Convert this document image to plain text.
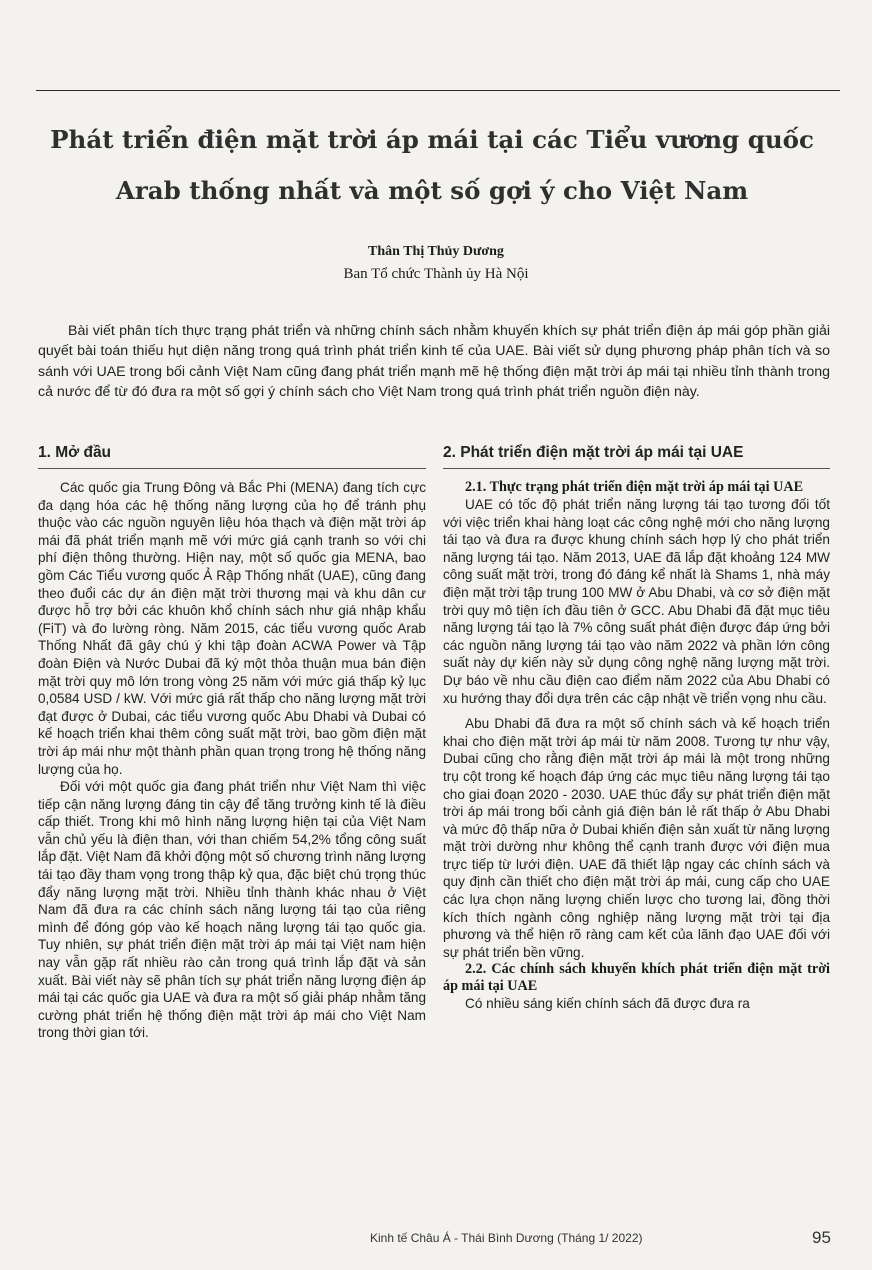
Phát triển điện mặt trời áp mái tại các Tiểu vương quốc
Arab thống nhất và một số gợi ý cho Việt Nam
Thân Thị Thủy Dương
Ban Tổ chức Thành ủy Hà Nội

Bài viết phân tích thực trạng phát triển và những chính sách nhằm khuyến khích sự phát triển điện áp mái góp phần giải quyết bài toán thiếu hụt diện năng trong quá trình phát triển kinh tế của UAE. Bài viết sử dụng phương pháp phân tích và so sánh với UAE trong bối cảnh Việt Nam cũng đang phát triển mạnh mẽ hệ thống điện mặt trời áp mái tại nhiều tỉnh thành trong cả nước để từ đó đưa ra một số gợi ý chính sách cho Việt Nam trong quá trình phát triển nguồn điện này.

1. Mở đầu

Các quốc gia Trung Đông và Bắc Phi (MENA) đang tích cực đa dạng hóa các hệ thống năng lượng của họ để tránh phụ thuộc vào các nguồn nguyên liệu hóa thạch và điện mặt trời áp mái đã phát triển mạnh mẽ với mức giá cạnh tranh so với chi phí điện thông thường. Hiện nay, một số quốc gia MENA, bao gồm Các Tiểu vương quốc Ả Rập Thống nhất (UAE), cũng đang theo đuổi các dự án điện mặt trời thương mại và khu dân cư được hỗ trợ bởi các khuôn khổ chính sách như giá nhập khẩu (FiT) và đo lường ròng. Năm 2015, các tiểu vương quốc Arab Thống Nhất đã gây chú ý khi tập đoàn ACWA Power và Tập đoàn Điện và Nước Dubai đã ký một thỏa thuận mua bán điện mặt trời quy mô lớn trong vòng 25 năm với mức giá thấp kỷ lục 0,0584 USD / kW. Với mức giá rất thấp cho năng lượng mặt trời đạt được ở Dubai, các tiểu vương quốc Abu Dhabi và Dubai có kế hoạch triển khai thêm công suất mặt trời, bao gồm điện mặt trời áp mái như một thành phần quan trọng trong hệ thống năng lượng của họ.

Đối với một quốc gia đang phát triển như Việt Nam thì việc tiếp cận năng lượng đáng tin cậy để tăng trưởng kinh tế là điều cấp thiết. Trong khi mô hình năng lượng hiện tại của Việt Nam vẫn chủ yếu là điện than, với than chiếm 54,2% tổng công suất lắp đặt. Việt Nam đã khởi động một số chương trình năng lượng tái tạo đầy tham vọng trong thập kỷ qua, đặc biệt chú trọng thúc đẩy năng lượng mặt trời. Nhiều tỉnh thành khác nhau ở Việt Nam đã đưa ra các chính sách năng lượng tái tạo của riêng mình để đóng góp vào kế hoạch năng lượng tái tạo quốc gia. Tuy nhiên, sự phát triển điện mặt trời áp mái tại Việt nam hiện nay vẫn gặp rất nhiều rào cản trong quá trình lắp đặt và sản xuất. Bài viết này sẽ phân tích sự phát triển năng lượng điện áp mái tại các quốc gia UAE và đưa ra một số giải pháp nhằm tăng cường phát triển hệ thống điện mặt trời áp mái cho Việt Nam trong thời gian tới.

2. Phát triển điện mặt trời áp mái tại UAE

2.1. Thực trạng phát triển điện mặt trời áp mái tại UAE

UAE có tốc độ phát triển năng lượng tái tạo tương đối tốt với việc triển khai hàng loạt các công nghệ mới cho năng lượng tái tạo và đưa ra được khung chính sách hợp lý cho phát triển năng lượng tái tạo. Năm 2013, UAE đã lắp đặt khoảng 124 MW công suất mặt trời, trong đó đáng kể nhất là Shams 1, nhà máy điện mặt trời tập trung 100 MW ở Abu Dhabi, và cơ sở điện mặt trời quy mô tiện ích đầu tiên ở GCC. Abu Dhabi đã đặt mục tiêu năng lượng tái tạo là 7% công suất phát điện được đáp ứng bởi các nguồn năng lượng tái tạo vào năm 2022 và phần lớn công suất này dự kiến này sử dụng công nghệ năng lượng mặt trời. Dự báo về nhu cầu điện cao điểm năm 2022 của Abu Dhabi có xu hướng thay đổi dựa trên các cập nhật về triển vọng nhu cầu.

Abu Dhabi đã đưa ra một số chính sách và kế hoạch triển khai cho điện mặt trời áp mái từ năm 2008. Tương tự như vậy, Dubai cũng cho rằng điện mặt trời áp mái là một trong những trụ cột trong kế hoạch đáp ứng các mục tiêu năng lượng tái tạo cho giai đoạn 2020 - 2030. UAE thúc đẩy sự phát triển điện mặt trời áp mái trong bối cảnh giá điện bán lẻ rất thấp ở Abu Dhabi và mức độ thấp nữa ở Dubai khiến điện sản xuất từ năng lượng mặt trời dường như không thể cạnh tranh được với điện mua trực tiếp từ lưới điện. UAE đã thiết lập ngay các chính sách và quy định cần thiết cho điện mặt trời áp mái, cung cấp cho UAE các lựa chọn năng lượng chiến lược cho tương lai, đồng thời kích thích ngành công nghiệp năng lượng mặt trời tại địa phương và thể hiện rõ ràng cam kết của lãnh đạo UAE đối với sự phát triển bền vững.

2.2. Các chính sách khuyến khích phát triển điện mặt trời áp mái tại UAE

Có nhiều sáng kiến chính sách đã được đưa ra

Kinh tế Châu Á - Thái Bình Dương (Tháng 1/ 2022)	95
